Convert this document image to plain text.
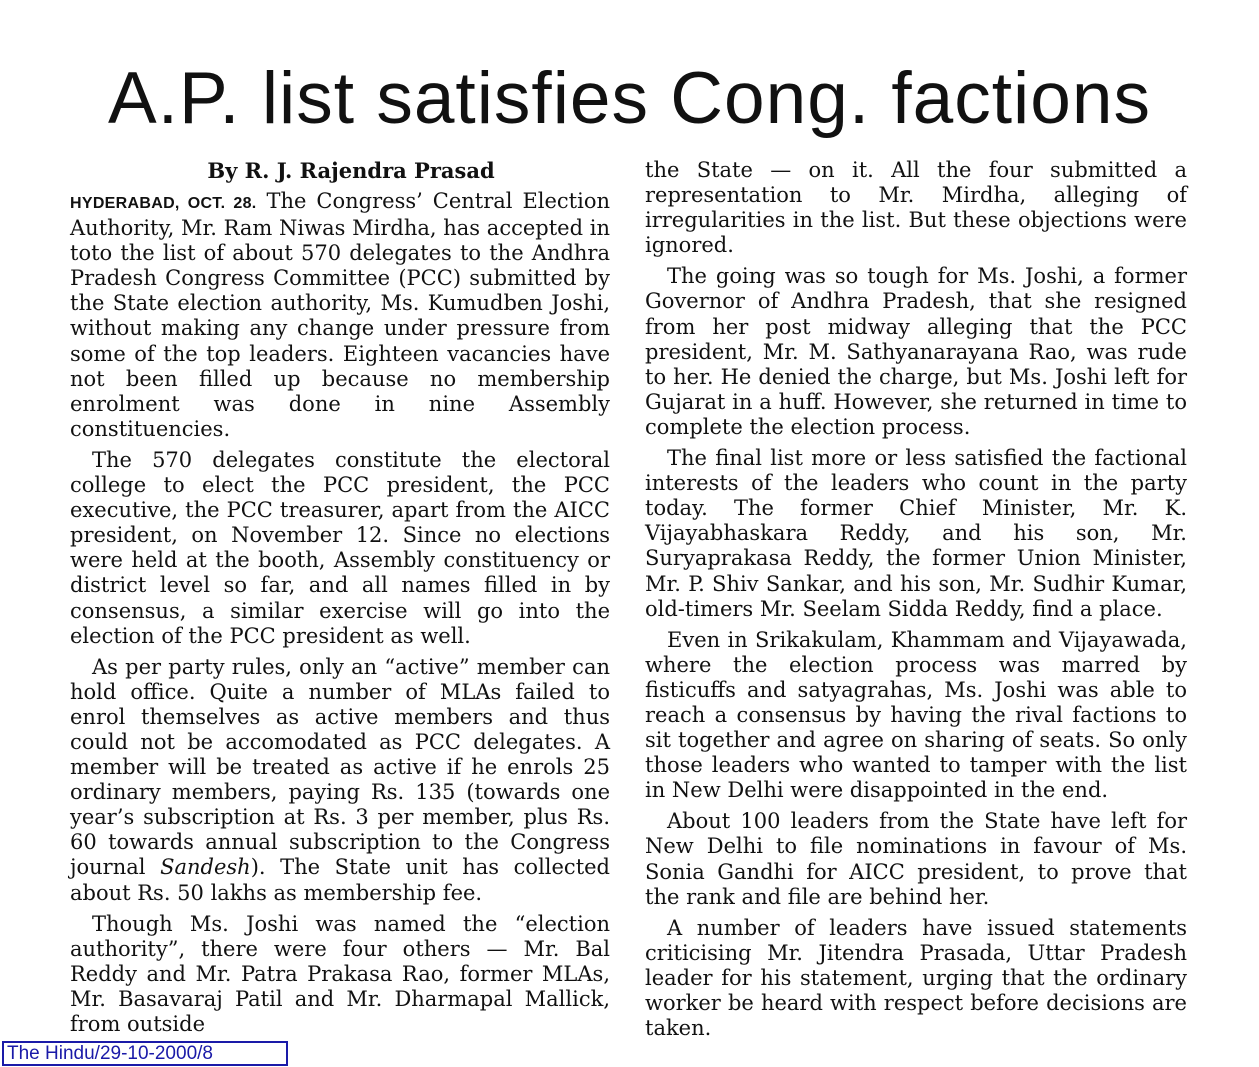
A.P. list satisfies Cong. factions

By R. J. Rajendra Prasad

HYDERABAD, OCT. 28. The Congress’ Central Election Authority, Mr. Ram Niwas Mirdha, has accepted in toto the list of about 570 delegates to the Andhra Pradesh Congress Committee (PCC) submitted by the State election authority, Ms. Kumudben Joshi, without making any change under pressure from some of the top leaders. Eighteen vacancies have not been filled up because no membership enrolment was done in nine Assembly constituencies.

The 570 delegates constitute the electoral college to elect the PCC president, the PCC executive, the PCC treasurer, apart from the AICC president, on November 12. Since no elections were held at the booth, Assembly constituency or district level so far, and all names filled in by consensus, a similar exercise will go into the election of the PCC president as well.

As per party rules, only an “active” member can hold office. Quite a number of MLAs failed to enrol themselves as active members and thus could not be accomodated as PCC delegates. A member will be treated as active if he enrols 25 ordinary members, paying Rs. 135 (towards one year’s subscription at Rs. 3 per member, plus Rs. 60 towards annual subscription to the Congress journal Sandesh). The State unit has collected about Rs. 50 lakhs as membership fee.

Though Ms. Joshi was named the “election authority”, there were four others — Mr. Bal Reddy and Mr. Patra Prakasa Rao, former MLAs, Mr. Basavaraj Patil and Mr. Dharmapal Mallick, from outside

the State — on it. All the four submitted a representation to Mr. Mirdha, alleging of irregularities in the list. But these objections were ignored.

The going was so tough for Ms. Joshi, a former Governor of Andhra Pradesh, that she resigned from her post midway alleging that the PCC president, Mr. M. Sathyanarayana Rao, was rude to her. He denied the charge, but Ms. Joshi left for Gujarat in a huff. However, she returned in time to complete the election process.

The final list more or less satisfied the factional interests of the leaders who count in the party today. The former Chief Minister, Mr. K. Vijayabhaskara Reddy, and his son, Mr. Suryaprakasa Reddy, the former Union Minister, Mr. P. Shiv Sankar, and his son, Mr. Sudhir Kumar, old-timers Mr. Seelam Sidda Reddy, find a place.

Even in Srikakulam, Khammam and Vijayawada, where the election process was marred by fisticuffs and satyagrahas, Ms. Joshi was able to reach a consensus by having the rival factions to sit together and agree on sharing of seats. So only those leaders who wanted to tamper with the list in New Delhi were disappointed in the end.

About 100 leaders from the State have left for New Delhi to file nominations in favour of Ms. Sonia Gandhi for AICC president, to prove that the rank and file are behind her.

A number of leaders have issued statements criticising Mr. Jitendra Prasada, Uttar Pradesh leader for his statement, urging that the ordinary worker be heard with respect before decisions are taken.

The Hindu/29-10-2000/8
